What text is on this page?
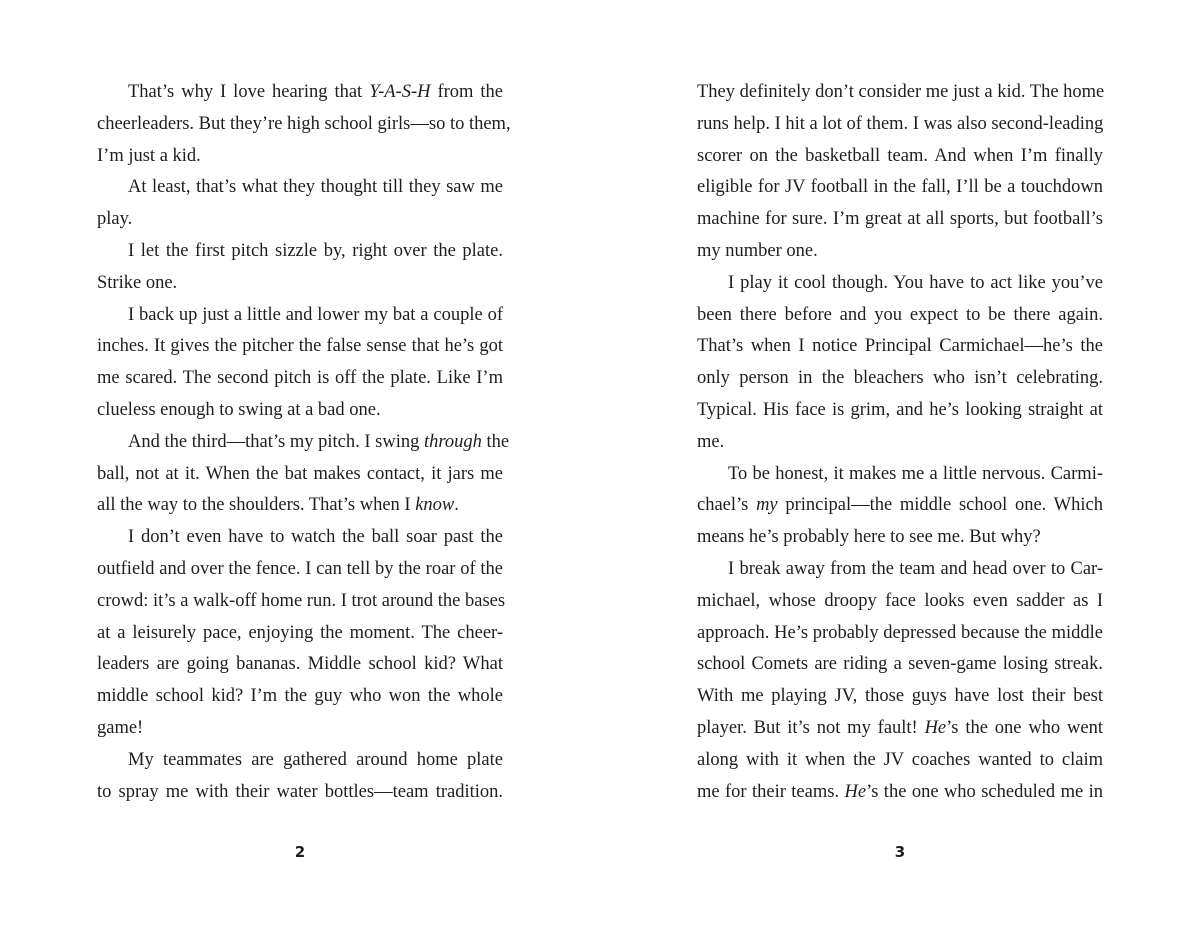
That’s why I love hearing that Y-A-S-H from the
cheerleaders. But they’re high school girls—so to them,
I’m just a kid.
At least, that’s what they thought till they saw me
play.
I let the first pitch sizzle by, right over the plate.
Strike one.
I back up just a little and lower my bat a couple of
inches. It gives the pitcher the false sense that he’s got
me scared. The second pitch is off the plate. Like I’m
clueless enough to swing at a bad one.
And the third—that’s my pitch. I swing through the
ball, not at it. When the bat makes contact, it jars me
all the way to the shoulders. That’s when I know.
I don’t even have to watch the ball soar past the
outfield and over the fence. I can tell by the roar of the
crowd: it’s a walk-off home run. I trot around the bases
at a leisurely pace, enjoying the moment. The cheer-
leaders are going bananas. Middle school kid? What
middle school kid? I’m the guy who won the whole
game!
My teammates are gathered around home plate
to spray me with their water bottles—team tradition.
2
They definitely don’t consider me just a kid. The home
runs help. I hit a lot of them. I was also second-leading
scorer on the basketball team. And when I’m finally
eligible for JV football in the fall, I’ll be a touchdown
machine for sure. I’m great at all sports, but football’s
my number one.
I play it cool though. You have to act like you’ve
been there before and you expect to be there again.
That’s when I notice Principal Carmichael—he’s the
only person in the bleachers who isn’t celebrating.
Typical. His face is grim, and he’s looking straight at
me.
To be honest, it makes me a little nervous. Carmi-
chael’s my principal—the middle school one. Which
means he’s probably here to see me. But why?
I break away from the team and head over to Car-
michael, whose droopy face looks even sadder as I
approach. He’s probably depressed because the middle
school Comets are riding a seven-game losing streak.
With me playing JV, those guys have lost their best
player. But it’s not my fault! He’s the one who went
along with it when the JV coaches wanted to claim
me for their teams. He’s the one who scheduled me in
3
